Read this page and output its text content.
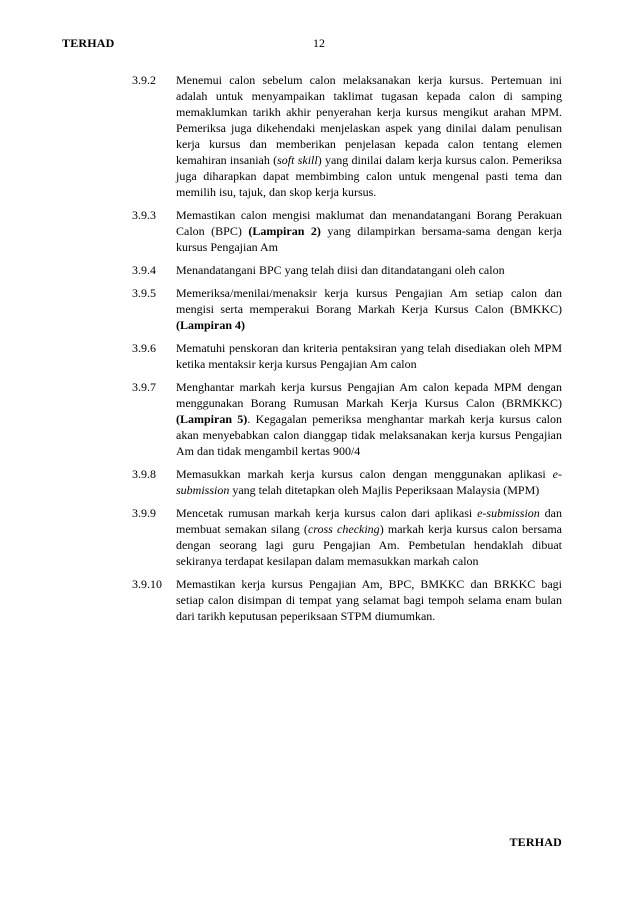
TERHAD	12
3.9.2	Menemui calon sebelum calon melaksanakan kerja kursus. Pertemuan ini adalah untuk menyampaikan taklimat tugasan kepada calon di samping memaklumkan tarikh akhir penyerahan kerja kursus mengikut arahan MPM. Pemeriksa juga dikehendaki menjelaskan aspek yang dinilai dalam penulisan kerja kursus dan memberikan penjelasan kepada calon tentang elemen kemahiran insaniah (soft skill) yang dinilai dalam kerja kursus calon. Pemeriksa juga diharapkan dapat membimbing calon untuk mengenal pasti tema dan memilih isu, tajuk, dan skop kerja kursus.
3.9.3	Memastikan calon mengisi maklumat dan menandatangani Borang Perakuan Calon (BPC) (Lampiran 2) yang dilampirkan bersama-sama dengan kerja kursus Pengajian Am
3.9.4	Menandatangani BPC yang telah diisi dan ditandatangani oleh calon
3.9.5	Memeriksa/menilai/menaksir kerja kursus Pengajian Am setiap calon dan mengisi serta memperakui Borang Markah Kerja Kursus Calon (BMKKC) (Lampiran 4)
3.9.6	Mematuhi penskoran dan kriteria pentaksiran yang telah disediakan oleh MPM ketika mentaksir kerja kursus Pengajian Am calon
3.9.7	Menghantar markah kerja kursus Pengajian Am calon kepada MPM dengan menggunakan Borang Rumusan Markah Kerja Kursus Calon (BRMKKC) (Lampiran 5). Kegagalan pemeriksa menghantar markah kerja kursus calon akan menyebabkan calon dianggap tidak melaksanakan kerja kursus Pengajian Am dan tidak mengambil kertas 900/4
3.9.8	Memasukkan markah kerja kursus calon dengan menggunakan aplikasi e-submission yang telah ditetapkan oleh Majlis Peperiksaan Malaysia (MPM)
3.9.9	Mencetak rumusan markah kerja kursus calon dari aplikasi e-submission dan membuat semakan silang (cross checking) markah kerja kursus calon bersama dengan seorang lagi guru Pengajian Am. Pembetulan hendaklah dibuat sekiranya terdapat kesilapan dalam memasukkan markah calon
3.9.10	Memastikan kerja kursus Pengajian Am, BPC, BMKKC dan BRKKC bagi setiap calon disimpan di tempat yang selamat bagi tempoh selama enam bulan dari tarikh keputusan peperiksaan STPM diumumkan.
TERHAD
